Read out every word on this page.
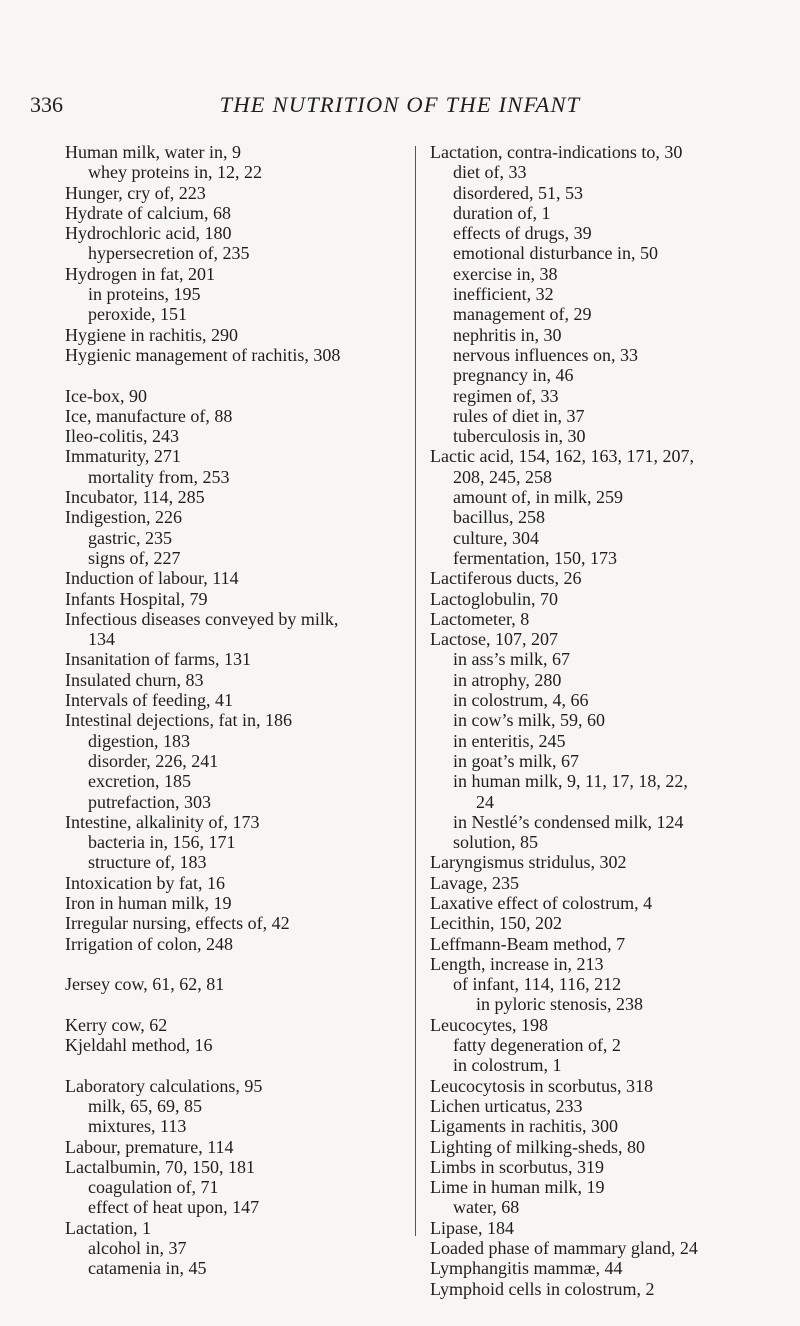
336	THE NUTRITION OF THE INFANT
Human milk, water in, 9
whey proteins in, 12, 22
Hunger, cry of, 223
Hydrate of calcium, 68
Hydrochloric acid, 180
hypersecretion of, 235
Hydrogen in fat, 201
in proteins, 195
peroxide, 151
Hygiene in rachitis, 290
Hygienic management of rachitis, 308
Ice-box, 90
Ice, manufacture of, 88
Ileo-colitis, 243
Immaturity, 271
mortality from, 253
Incubator, 114, 285
Indigestion, 226
gastric, 235
signs of, 227
Induction of labour, 114
Infants Hospital, 79
Infectious diseases conveyed by milk,
134
Insanitation of farms, 131
Insulated churn, 83
Intervals of feeding, 41
Intestinal dejections, fat in, 186
digestion, 183
disorder, 226, 241
excretion, 185
putrefaction, 303
Intestine, alkalinity of, 173
bacteria in, 156, 171
structure of, 183
Intoxication by fat, 16
Iron in human milk, 19
Irregular nursing, effects of, 42
Irrigation of colon, 248
Jersey cow, 61, 62, 81
Kerry cow, 62
Kjeldahl method, 16
Laboratory calculations, 95
milk, 65, 69, 85
mixtures, 113
Labour, premature, 114
Lactalbumin, 70, 150, 181
coagulation of, 71
effect of heat upon, 147
Lactation, 1
alcohol in, 37
catamenia in, 45
Lactation, contra-indications to, 30
diet of, 33
disordered, 51, 53
duration of, 1
effects of drugs, 39
emotional disturbance in, 50
exercise in, 38
inefficient, 32
management of, 29
nephritis in, 30
nervous influences on, 33
pregnancy in, 46
regimen of, 33
rules of diet in, 37
tuberculosis in, 30
Lactic acid, 154, 162, 163, 171, 207,
208, 245, 258
amount of, in milk, 259
bacillus, 258
culture, 304
fermentation, 150, 173
Lactiferous ducts, 26
Lactoglobulin, 70
Lactometer, 8
Lactose, 107, 207
in ass’s milk, 67
in atrophy, 280
in colostrum, 4, 66
in cow’s milk, 59, 60
in enteritis, 245
in goat’s milk, 67
in human milk, 9, 11, 17, 18, 22,
24
in Nestlé’s condensed milk, 124
solution, 85
Laryngismus stridulus, 302
Lavage, 235
Laxative effect of colostrum, 4
Lecithin, 150, 202
Leffmann-Beam method, 7
Length, increase in, 213
of infant, 114, 116, 212
in pyloric stenosis, 238
Leucocytes, 198
fatty degeneration of, 2
in colostrum, 1
Leucocytosis in scorbutus, 318
Lichen urticatus, 233
Ligaments in rachitis, 300
Lighting of milking-sheds, 80
Limbs in scorbutus, 319
Lime in human milk, 19
water, 68
Lipase, 184
Loaded phase of mammary gland, 24
Lymphangitis mammæ, 44
Lymphoid cells in colostrum, 2
